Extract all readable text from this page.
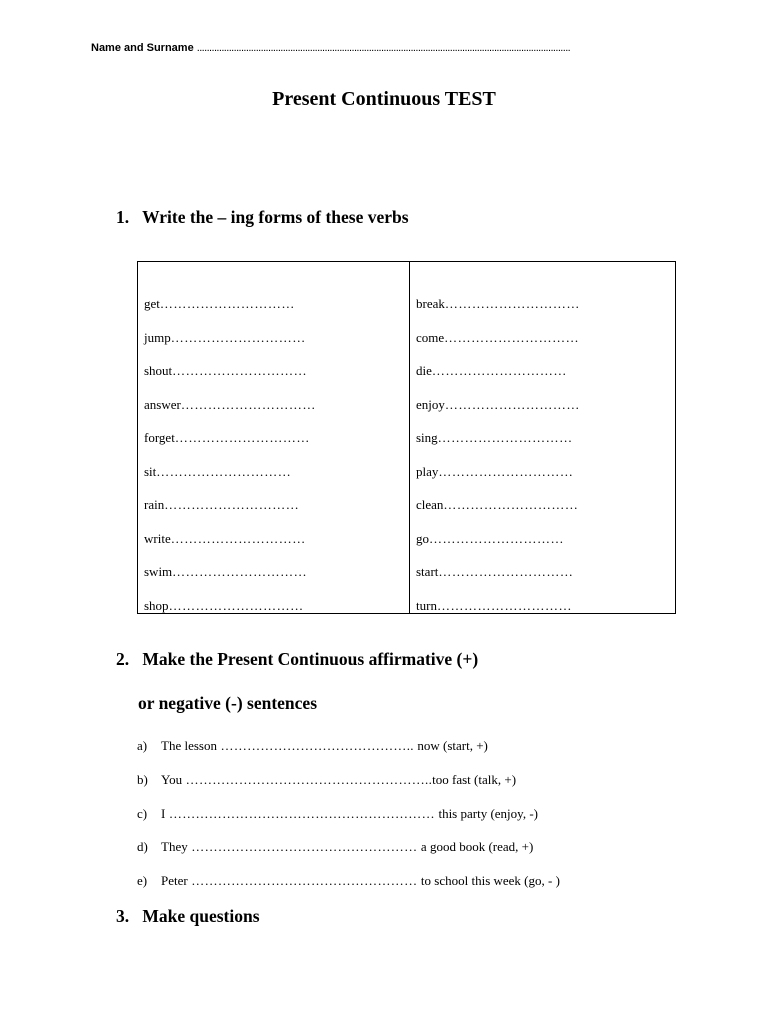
Name and Surname ........................................................................................................................................................
Present Continuous TEST
1. Write the – ing forms of these verbs
get…………………………
jump…………………………
shout…………………………
answer…………………………
forget…………………………
sit…………………………
rain…………………………
write…………………………
swim…………………………
shop…………………………
break…………………………
come…………………………
die…………………………
enjoy…………………………
sing…………………………
play…………………………
clean…………………………
go…………………………
start…………………………
turn…………………………
2. Make the Present Continuous affirmative (+)
or negative (-) sentences
a) The lesson …………………………………….. now (start, +)
b) You ………………………………………………..too fast (talk, +)
c) I …………………………………………………… this party (enjoy, -)
d) They …………………………………………… a good book (read, +)
e) Peter …………………………………………… to school this week (go, - )
3. Make questions
